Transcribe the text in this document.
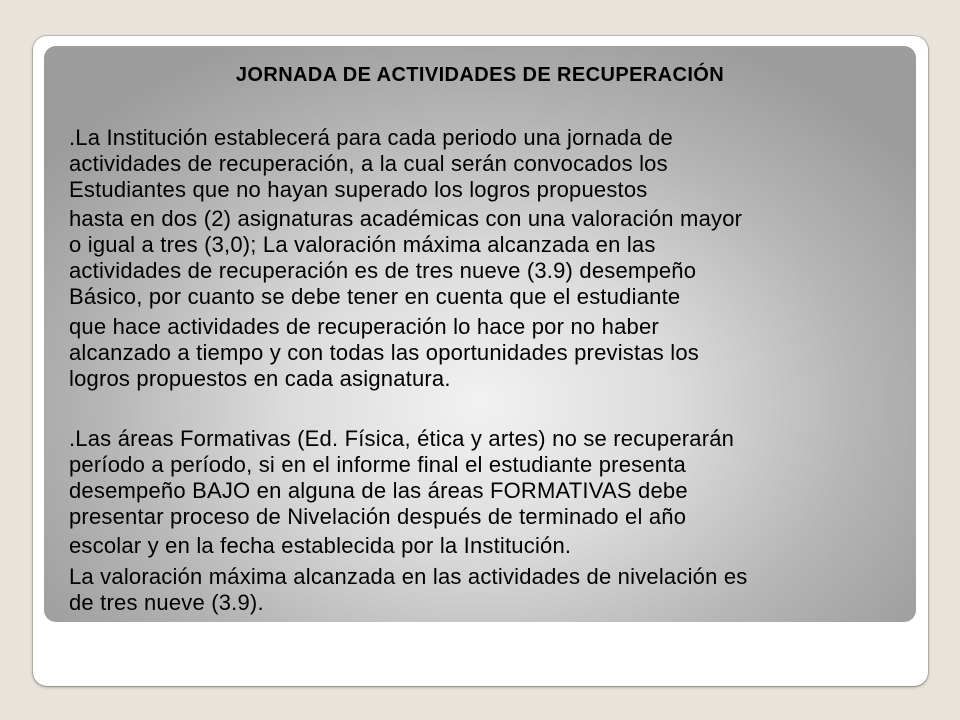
JORNADA DE ACTIVIDADES DE RECUPERACIÓN

.La Institución establecerá para cada periodo una jornada de
actividades de recuperación, a la cual serán convocados los
Estudiantes que no hayan superado los logros propuestos

hasta en dos (2) asignaturas académicas con una valoración mayor
o igual a tres (3,0); La valoración máxima alcanzada en las
actividades de recuperación es de tres nueve (3.9) desempeño
Básico, por cuanto se debe tener en cuenta que el estudiante

que hace actividades de recuperación lo hace por no haber
alcanzado a tiempo y con todas las oportunidades previstas los
logros propuestos en cada asignatura.

.Las áreas Formativas (Ed. Física, ética y artes) no se recuperarán
período a período, si en el informe final el estudiante presenta
desempeño BAJO en alguna de las áreas FORMATIVAS debe
presentar proceso de Nivelación después de terminado el año

escolar y en la fecha establecida por la Institución.

La valoración máxima alcanzada en las actividades de nivelación es
de tres nueve (3.9).
